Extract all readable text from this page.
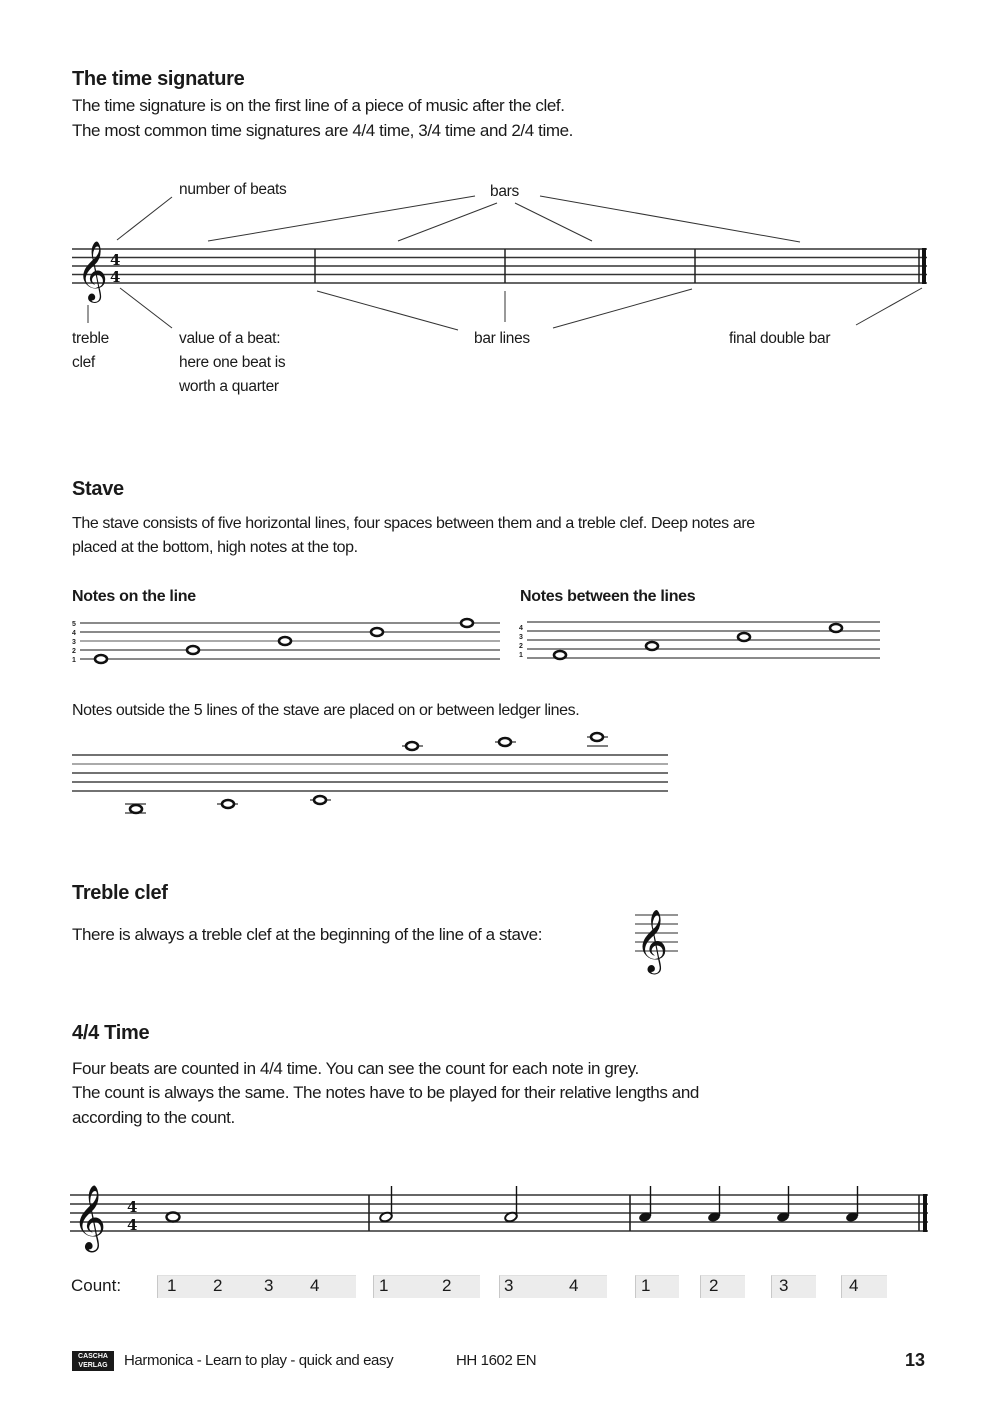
The time signature
The time signature is on the first line of a piece of music after the clef.
The most common time signatures are 4/4 time, 3/4 time and 2/4 time.
number of beats	bars
𝄞 4
4
treble
clef
value of a beat:
here one beat is
worth a quarter
bar lines	final double bar
Stave
The stave consists of five horizontal lines, four spaces between them and a treble clef. Deep notes are
placed at the bottom, high notes at the top.
Notes on the line	Notes between the lines
5
4
3
2
1
4
3
2
1
Notes outside the 5 lines of the stave are placed on or between ledger lines.
Treble clef
There is always a treble clef at the beginning of the line of a stave: 𝄞
4/4 Time
Four beats are counted in 4/4 time. You can see the count for each note in grey.
The count is always the same. The notes have to be played for their relative lengths and
according to the count.
𝄞 4
4
Count:	1 2 3 4	1	2	3	4	1	2	3	4
CASCHA
VERLAG	Harmonica - Learn to play - quick and easy	HH 1602 EN	13
